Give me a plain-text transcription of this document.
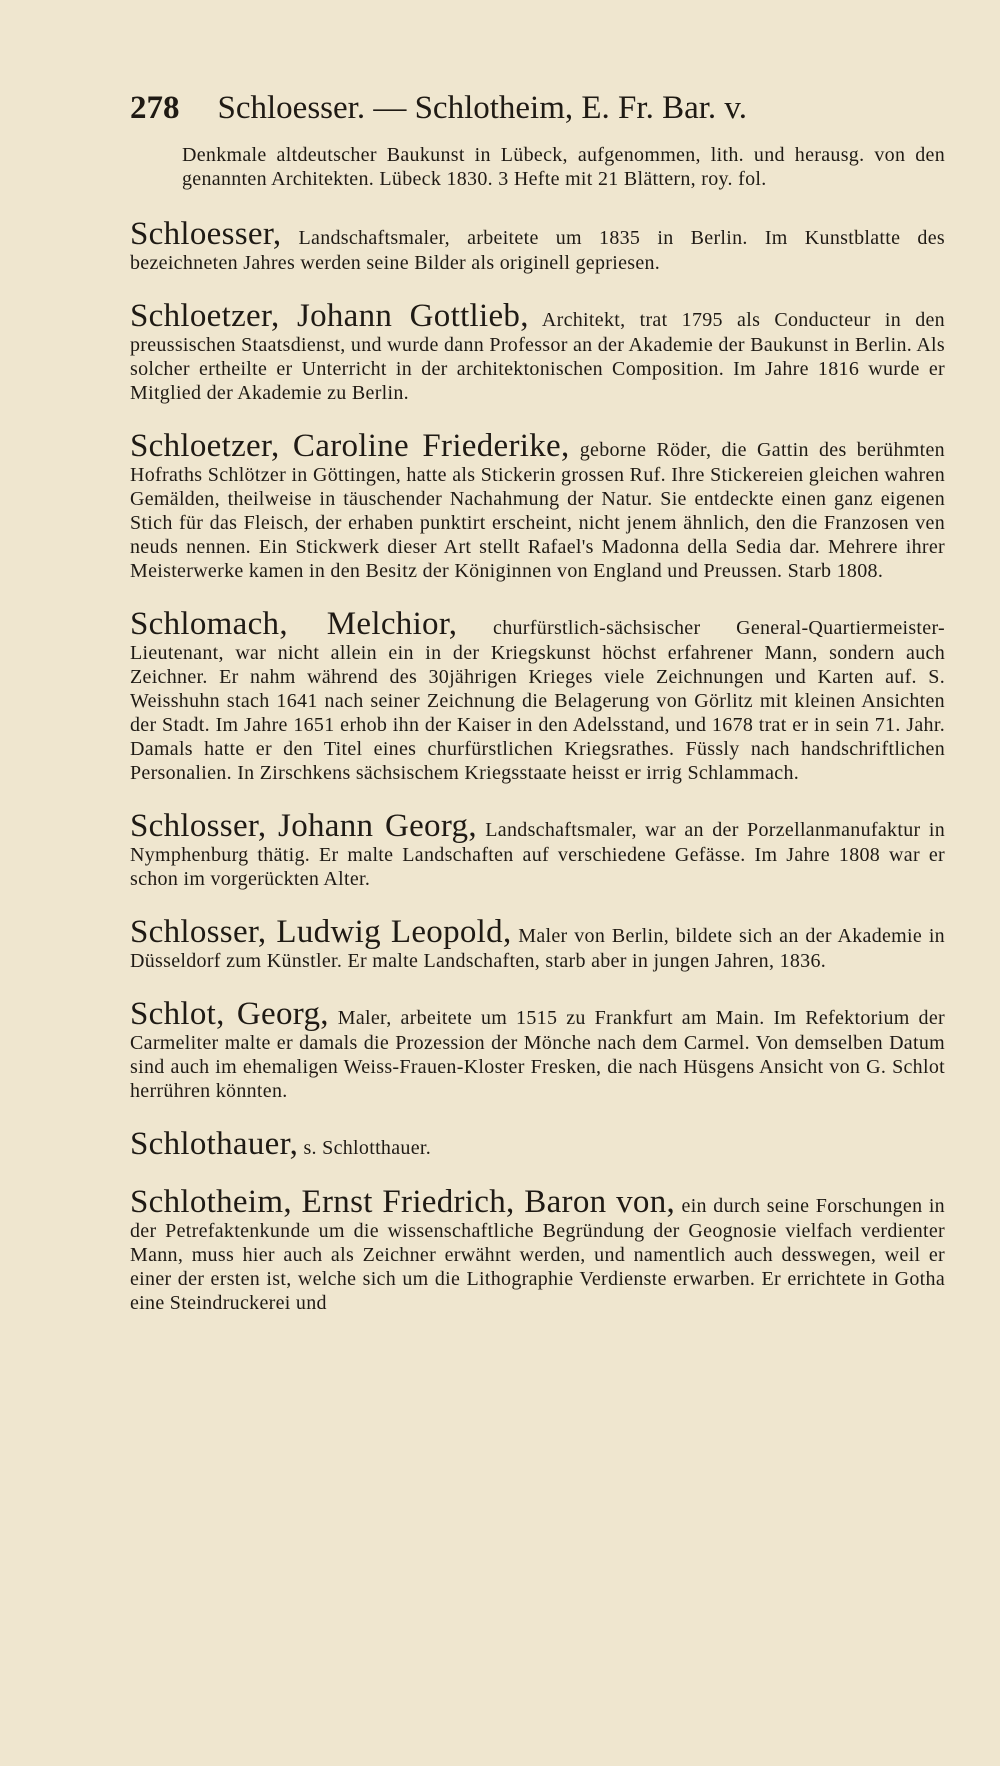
278 Schloesser. — Schlotheim, E. Fr. Bar. v.

Denkmale altdeutscher Baukunst in Lübeck, aufgenommen, lith. und herausg. von den genannten Architekten. Lübeck 1830. 3 Hefte mit 21 Blättern, roy. fol.

Schloesser, Landschaftsmaler, arbeitete um 1835 in Berlin. Im Kunstblatte des bezeichneten Jahres werden seine Bilder als originell gepriesen.

Schloetzer, Johann Gottlieb, Architekt, trat 1795 als Conducteur in den preussischen Staatsdienst, und wurde dann Professor an der Akademie der Baukunst in Berlin. Als solcher ertheilte er Unterricht in der architektonischen Composition. Im Jahre 1816 wurde er Mitglied der Akademie zu Berlin.

Schloetzer, Caroline Friederike, geborne Röder, die Gattin des berühmten Hofraths Schlötzer in Göttingen, hatte als Stickerin grossen Ruf. Ihre Stickereien gleichen wahren Gemälden, theilweise in täuschender Nachahmung der Natur. Sie entdeckte einen ganz eigenen Stich für das Fleisch, der erhaben punktirt erscheint, nicht jenem ähnlich, den die Franzosen ven neuds nennen. Ein Stickwerk dieser Art stellt Rafael's Madonna della Sedia dar. Mehrere ihrer Meisterwerke kamen in den Besitz der Königinnen von England und Preussen. Starb 1808.

Schlomach, Melchior, churfürstlich-sächsischer General-Quartiermeister-Lieutenant, war nicht allein ein in der Kriegskunst höchst erfahrener Mann, sondern auch Zeichner. Er nahm während des 30jährigen Krieges viele Zeichnungen und Karten auf. S. Weisshuhn stach 1641 nach seiner Zeichnung die Belagerung von Görlitz mit kleinen Ansichten der Stadt. Im Jahre 1651 erhob ihn der Kaiser in den Adelsstand, und 1678 trat er in sein 71. Jahr. Damals hatte er den Titel eines churfürstlichen Kriegsrathes. Füssly nach handschriftlichen Personalien. In Zirschkens sächsischem Kriegsstaate heisst er irrig Schlammach.

Schlosser, Johann Georg, Landschaftsmaler, war an der Porzellanmanufaktur in Nymphenburg thätig. Er malte Landschaften auf verschiedene Gefässe. Im Jahre 1808 war er schon im vorgerückten Alter.

Schlosser, Ludwig Leopold, Maler von Berlin, bildete sich an der Akademie in Düsseldorf zum Künstler. Er malte Landschaften, starb aber in jungen Jahren, 1836.

Schlot, Georg, Maler, arbeitete um 1515 zu Frankfurt am Main. Im Refektorium der Carmeliter malte er damals die Prozession der Mönche nach dem Carmel. Von demselben Datum sind auch im ehemaligen Weiss-Frauen-Kloster Fresken, die nach Hüsgens Ansicht von G. Schlot herrühren könnten.

Schlothauer, s. Schlotthauer.

Schlotheim, Ernst Friedrich, Baron von, ein durch seine Forschungen in der Petrefaktenkunde um die wissenschaftliche Begründung der Geognosie vielfach verdienter Mann, muss hier auch als Zeichner erwähnt werden, und namentlich auch desswegen, weil er einer der ersten ist, welche sich um die Lithographie Verdienste erwarben. Er errichtete in Gotha eine Steindruckerei und
